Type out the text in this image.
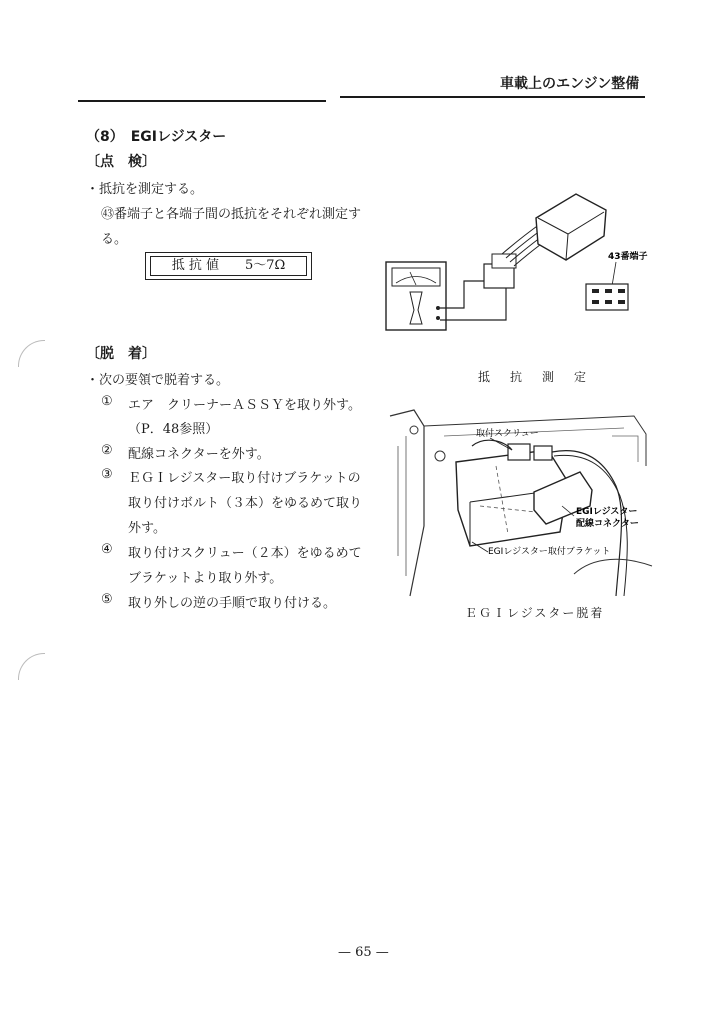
車載上のエンジン整備
（8）　EGIレジスター
〔点　検〕
・抵抗を測定する。
㊸番端子と各端子間の抵抗をそれぞれ測定す
る。
抵 抗 値　　5〜7Ω
43番端子
抵　抗　測　定
〔脱　着〕
・次の要領で脱着する。
① エア　クリーナーＡＳＳＹを取り外す。
（P．48参照）
② 配線コネクターを外す。
③ ＥＧＩレジスター取り付けブラケットの
取り付けボルト（３本）をゆるめて取り
外す。
④ 取り付けスクリュー（２本）をゆるめて
ブラケットより取り外す。
⑤ 取り外しの逆の手順で取り付ける。
取付スクリュー
EGIレジスター
配線コネクター
EGIレジスター取付ブラケット
ＥＧＩレジスター脱着
— 65 —
